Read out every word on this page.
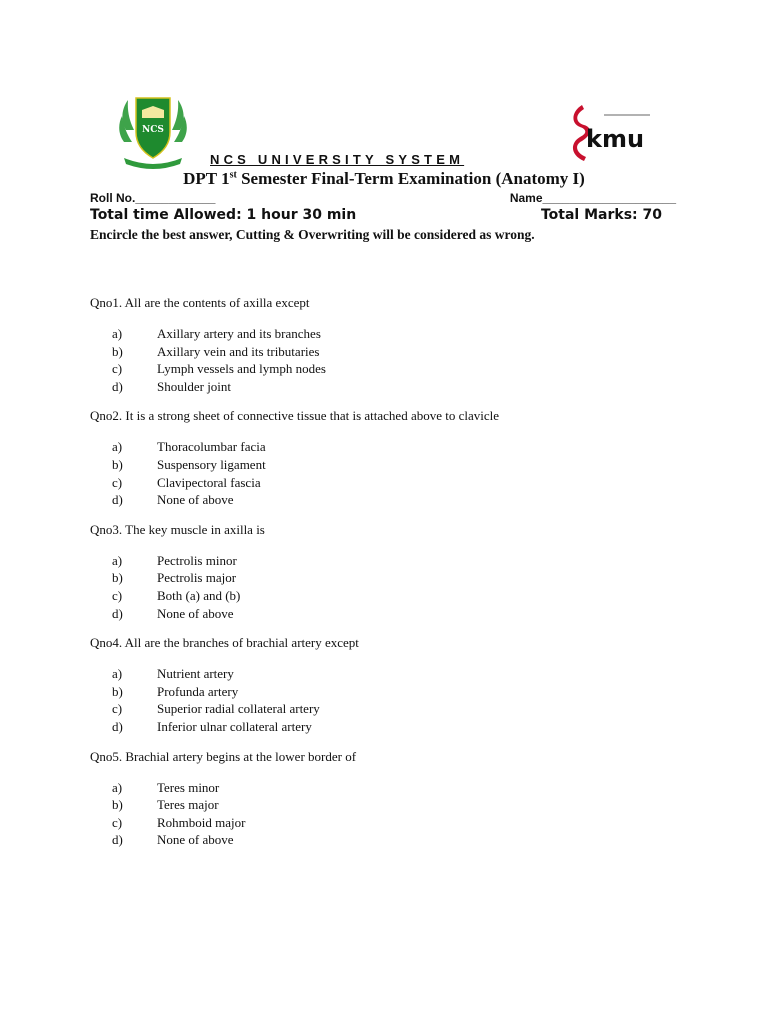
NCS	kmu
NCS UNIVERSITY SYSTEM
DPT 1st Semester Final-Term Examination (Anatomy I)
Roll No.____________	Name____________________
Total time Allowed: 1 hour 30 min	Total Marks: 70
Encircle the best answer, Cutting & Overwriting will be considered as wrong.
Qno1. All are the contents of axilla except
a)	Axillary artery and its branches
b)	Axillary vein and its tributaries
c)	Lymph vessels and lymph nodes
d)	Shoulder joint
Qno2. It is a strong sheet of connective tissue that is attached above to clavicle
a)	Thoracolumbar facia
b)	Suspensory ligament
c)	Clavipectoral fascia
d)	None of above
Qno3. The key muscle in axilla is
a)	Pectrolis minor
b)	Pectrolis major
c)	Both (a) and (b)
d)	None of above
Qno4. All are the branches of brachial artery except
a)	Nutrient artery
b)	Profunda artery
c)	Superior radial collateral artery
d)	Inferior ulnar collateral artery
Qno5. Brachial artery begins at the lower border of
a)	Teres minor
b)	Teres major
c)	Rohmboid major
d)	None of above
